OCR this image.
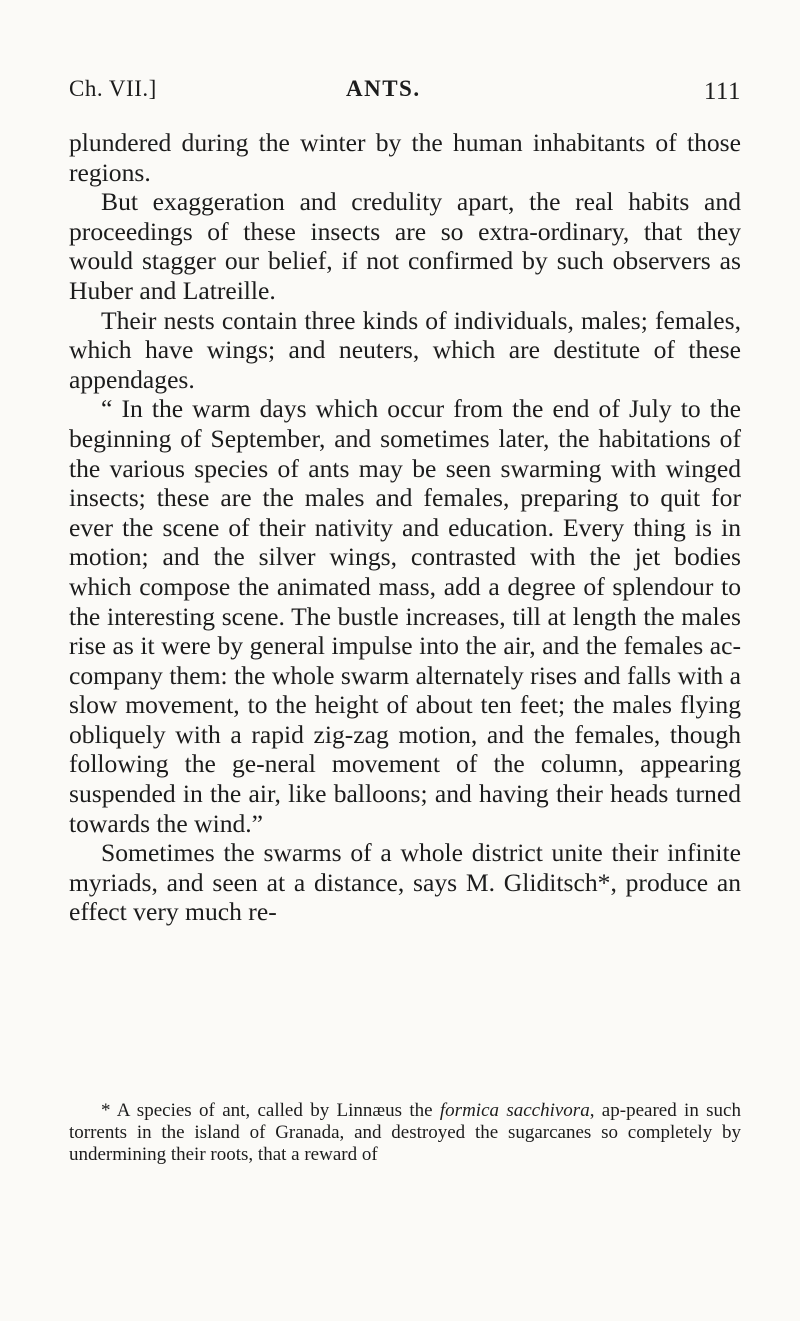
Ch. VII.]	ANTS.	111

plundered during the winter by the human inhabitants of those regions.

But exaggeration and credulity apart, the real habits and proceedings of these insects are so extra-ordinary, that they would stagger our belief, if not confirmed by such observers as Huber and Latreille.

Their nests contain three kinds of individuals, males; females, which have wings; and neuters, which are destitute of these appendages.

“ In the warm days which occur from the end of July to the beginning of September, and sometimes later, the habitations of the various species of ants may be seen swarming with winged insects; these are the males and females, preparing to quit for ever the scene of their nativity and education. Every thing is in motion; and the silver wings, contrasted with the jet bodies which compose the animated mass, add a degree of splendour to the interesting scene. The bustle increases, till at length the males rise as it were by general impulse into the air, and the females ac-company them: the whole swarm alternately rises and falls with a slow movement, to the height of about ten feet; the males flying obliquely with a rapid zig-zag motion, and the females, though following the ge-neral movement of the column, appearing suspended in the air, like balloons; and having their heads turned towards the wind.”

Sometimes the swarms of a whole district unite their infinite myriads, and seen at a distance, says M. Gliditsch*, produce an effect very much re-

* A species of ant, called by Linnæus the formica sacchivora, ap-peared in such torrents in the island of Granada, and destroyed the sugarcanes so completely by undermining their roots, that a reward of
